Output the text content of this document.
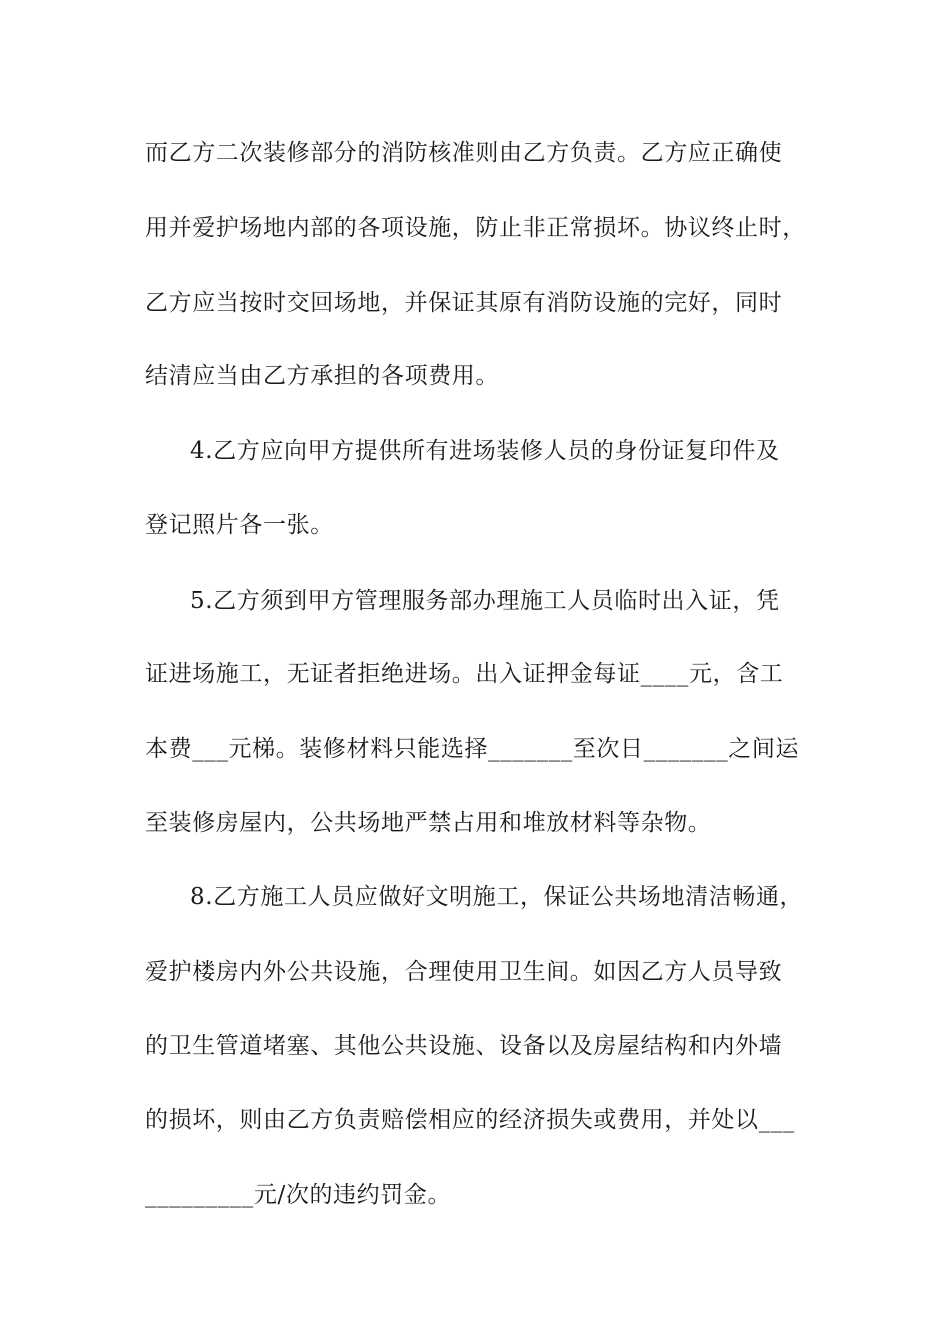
而乙方二次装修部分的消防核准则由乙方负责。乙方应正确使
用并爱护场地内部的各项设施，防止非正常损坏。协议终止时，
乙方应当按时交回场地，并保证其原有消防设施的完好，同时
结清应当由乙方承担的各项费用。
4.乙方应向甲方提供所有进场装修人员的身份证复印件及
登记照片各一张。
5.乙方须到甲方管理服务部办理施工人员临时出入证，凭
证进场施工，无证者拒绝进场。出入证押金每证____元，含工
本费___元梯。装修材料只能选择_______至次日_______之间运
至装修房屋内，公共场地严禁占用和堆放材料等杂物。
8.乙方施工人员应做好文明施工，保证公共场地清洁畅通，
爱护楼房内外公共设施，合理使用卫生间。如因乙方人员导致
的卫生管道堵塞、其他公共设施、设备以及房屋结构和内外墙
的损坏，则由乙方负责赔偿相应的经济损失或费用，并处以___
_________元/次的违约罚金。
